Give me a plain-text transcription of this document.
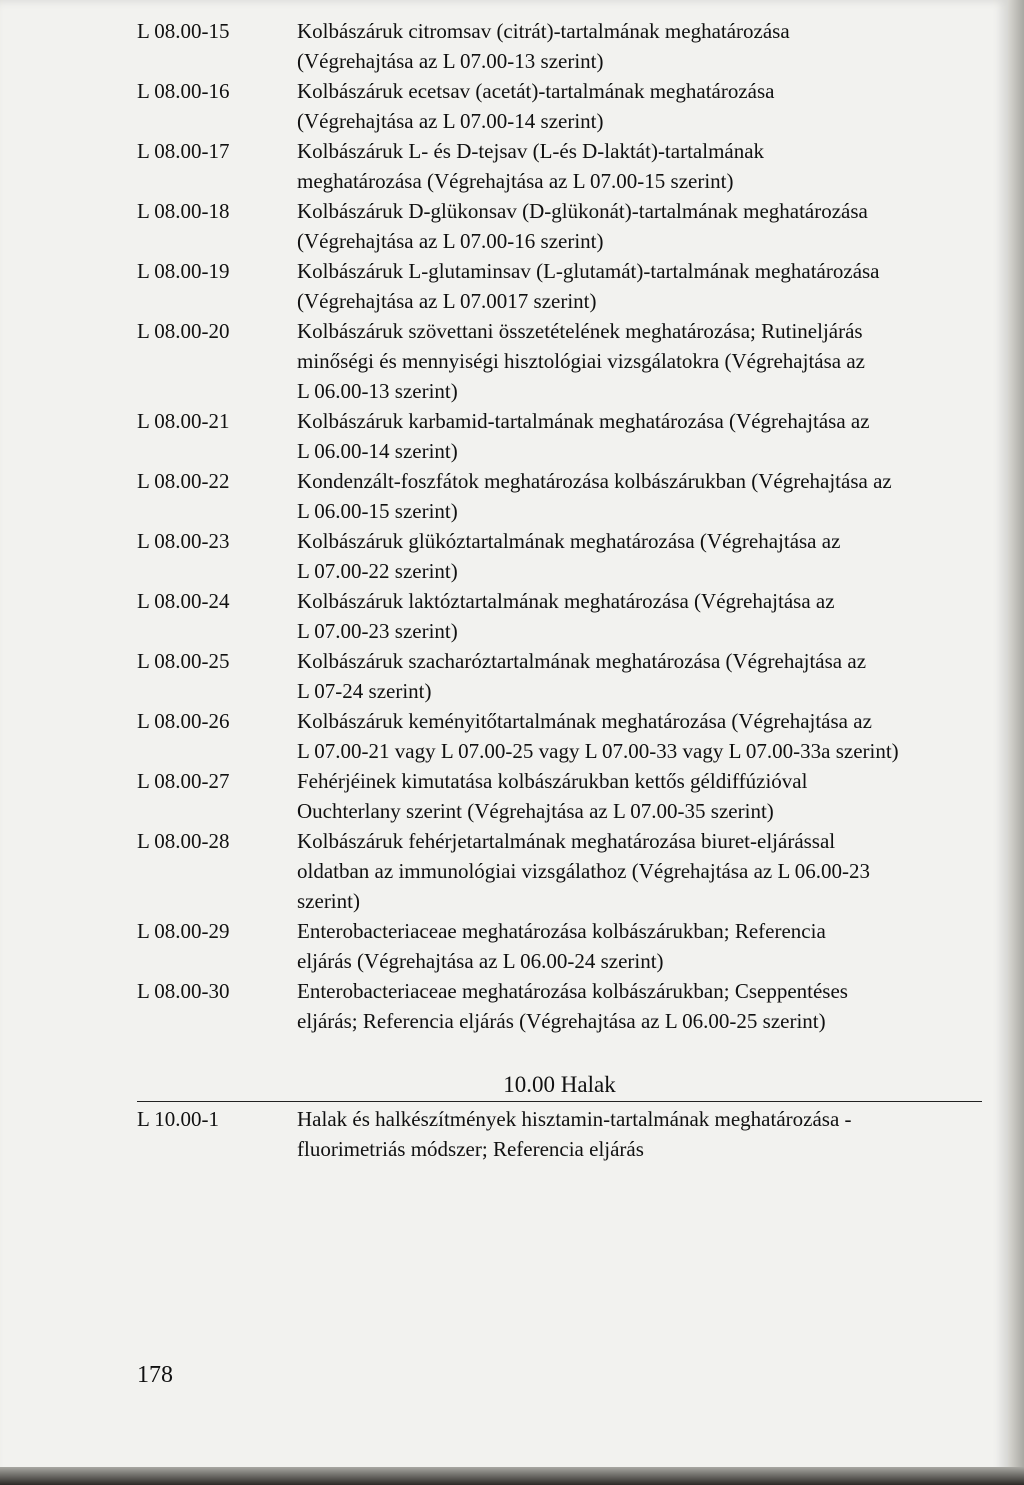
L 08.00-15	Kolbászáruk citromsav (citrát)-tartalmának meghatározása
(Végrehajtása az L 07.00-13 szerint)
L 08.00-16	Kolbászáruk ecetsav (acetát)-tartalmának meghatározása
(Végrehajtása az L 07.00-14 szerint)
L 08.00-17	Kolbászáruk L- és D-tejsav (L-és D-laktát)-tartalmának
meghatározása (Végrehajtása az L 07.00-15 szerint)
L 08.00-18	Kolbászáruk D-glükonsav (D-glükonát)-tartalmának meghatározása
(Végrehajtása az L 07.00-16 szerint)
L 08.00-19	Kolbászáruk L-glutaminsav (L-glutamát)-tartalmának meghatározása
(Végrehajtása az L 07.0017 szerint)
L 08.00-20	Kolbászáruk szövettani összetételének meghatározása; Rutineljárás
minőségi és mennyiségi hisztológiai vizsgálatokra (Végrehajtása az
L 06.00-13 szerint)
L 08.00-21	Kolbászáruk karbamid-tartalmának meghatározása (Végrehajtása az
L 06.00-14 szerint)
L 08.00-22	Kondenzált-foszfátok meghatározása kolbászárukban (Végrehajtása az
L 06.00-15 szerint)
L 08.00-23	Kolbászáruk glükóztartalmának meghatározása (Végrehajtása az
L 07.00-22 szerint)
L 08.00-24	Kolbászáruk laktóztartalmának meghatározása (Végrehajtása az
L 07.00-23 szerint)
L 08.00-25	Kolbászáruk szacharóztartalmának meghatározása (Végrehajtása az
L 07-24 szerint)
L 08.00-26	Kolbászáruk keményitőtartalmának meghatározása (Végrehajtása az
L 07.00-21 vagy L 07.00-25 vagy L 07.00-33 vagy L 07.00-33a szerint)
L 08.00-27	Fehérjéinek kimutatása kolbászárukban kettős géldiffúzióval
Ouchterlany szerint (Végrehajtása az L 07.00-35 szerint)
L 08.00-28	Kolbászáruk fehérjetartalmának meghatározása biuret-eljárással
oldatban az immunológiai vizsgálathoz (Végrehajtása az L 06.00-23
szerint)
L 08.00-29	Enterobacteriaceae meghatározása kolbászárukban; Referencia
eljárás (Végrehajtása az L 06.00-24 szerint)
L 08.00-30	Enterobacteriaceae meghatározása kolbászárukban; Cseppentéses
eljárás; Referencia eljárás (Végrehajtása az L 06.00-25 szerint)
10.00 Halak
L 10.00-1	Halak és halkészítmények hisztamin-tartalmának meghatározása -
fluorimetriás módszer; Referencia eljárás
178
